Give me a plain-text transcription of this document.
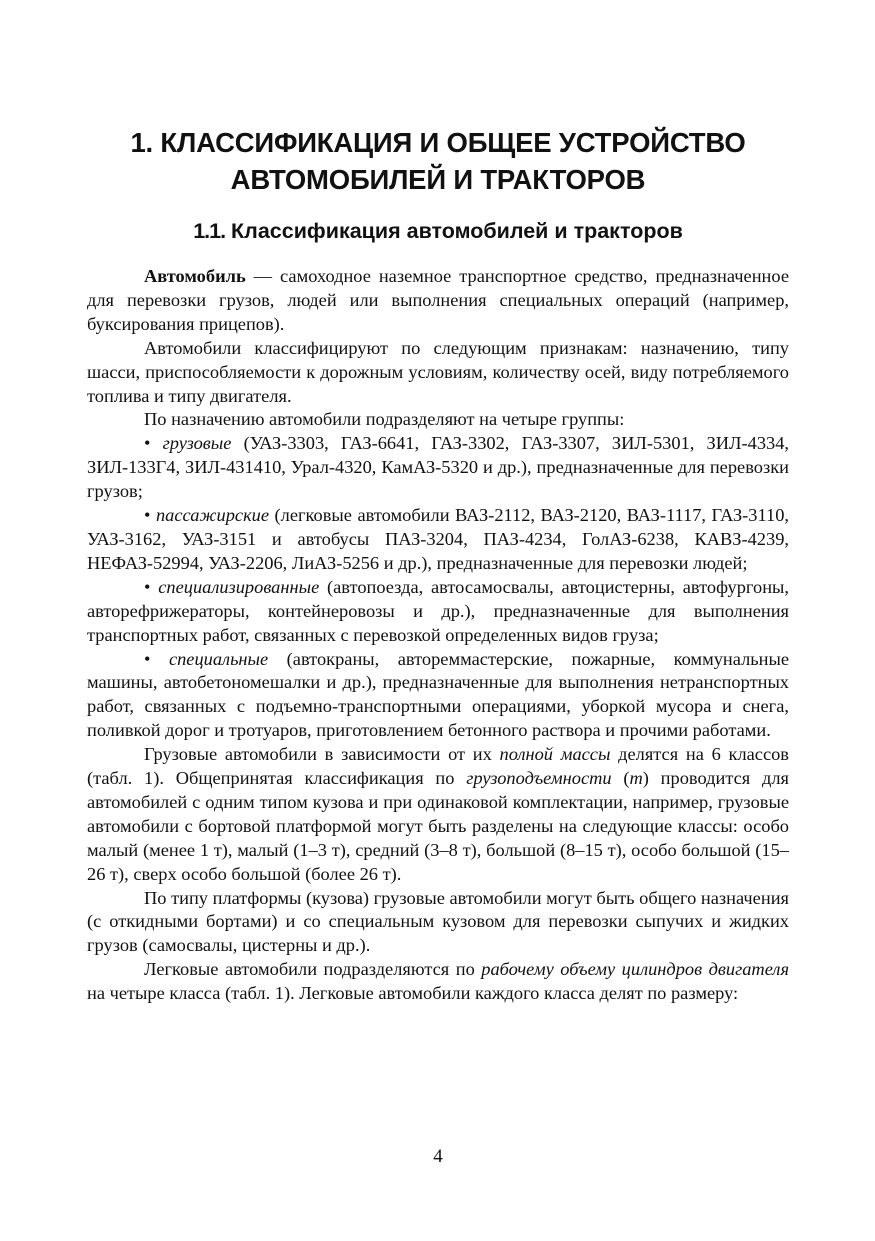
1. КЛАССИФИКАЦИЯ И ОБЩЕЕ УСТРОЙСТВО
АВТОМОБИЛЕЙ И ТРАКТОРОВ
1.1. Классификация автомобилей и тракторов

Автомобиль — самоходное наземное транспортное средство, предназначенное для перевозки грузов, людей или выполнения специальных операций (например, буксирования прицепов).

Автомобили классифицируют по следующим признакам: назначению, типу шасси, приспособляемости к дорожным условиям, количеству осей, виду потребляемого топлива и типу двигателя.

По назначению автомобили подразделяют на четыре группы:

• грузовые (УАЗ-3303, ГАЗ-6641, ГАЗ-3302, ГАЗ-3307, ЗИЛ-5301, ЗИЛ-4334, ЗИЛ-133Г4, ЗИЛ-431410, Урал-4320, КамАЗ-5320 и др.), предназначенные для перевозки грузов;

• пассажирские (легковые автомобили ВАЗ-2112, ВАЗ-2120, ВАЗ-1117, ГАЗ-3110, УАЗ-3162, УАЗ-3151 и автобусы ПАЗ-3204, ПАЗ-4234, ГолАЗ-6238, КАВЗ-4239, НЕФАЗ-52994, УАЗ-2206, ЛиАЗ-5256 и др.), предназначенные для перевозки людей;

• специализированные (автопоезда, автосамосвалы, автоцистерны, автофургоны, авторефрижераторы, контейнеровозы и др.), предназначенные для выполнения транспортных работ, связанных с перевозкой определенных видов груза;

• специальные (автокраны, автореммастерские, пожарные, коммунальные машины, автобетономешалки и др.), предназначенные для выполнения нетранспортных работ, связанных с подъемно-транспортными операциями, уборкой мусора и снега, поливкой дорог и тротуаров, приготовлением бетонного раствора и прочими работами.

Грузовые автомобили в зависимости от их полной массы делятся на 6 классов (табл. 1). Общепринятая классификация по грузоподъемности (m) проводится для автомобилей с одним типом кузова и при одинаковой комплектации, например, грузовые автомобили с бортовой платформой могут быть разделены на следующие классы: особо малый (менее 1 т), малый (1–3 т), средний (3–8 т), большой (8–15 т), особо большой (15–26 т), сверх особо большой (более 26 т).

По типу платформы (кузова) грузовые автомобили могут быть общего назначения (с откидными бортами) и со специальным кузовом для перевозки сыпучих и жидких грузов (самосвалы, цистерны и др.).

Легковые автомобили подразделяются по рабочему объему цилиндров двигателя на четыре класса (табл. 1). Легковые автомобили каждого класса делят по размеру:

4
